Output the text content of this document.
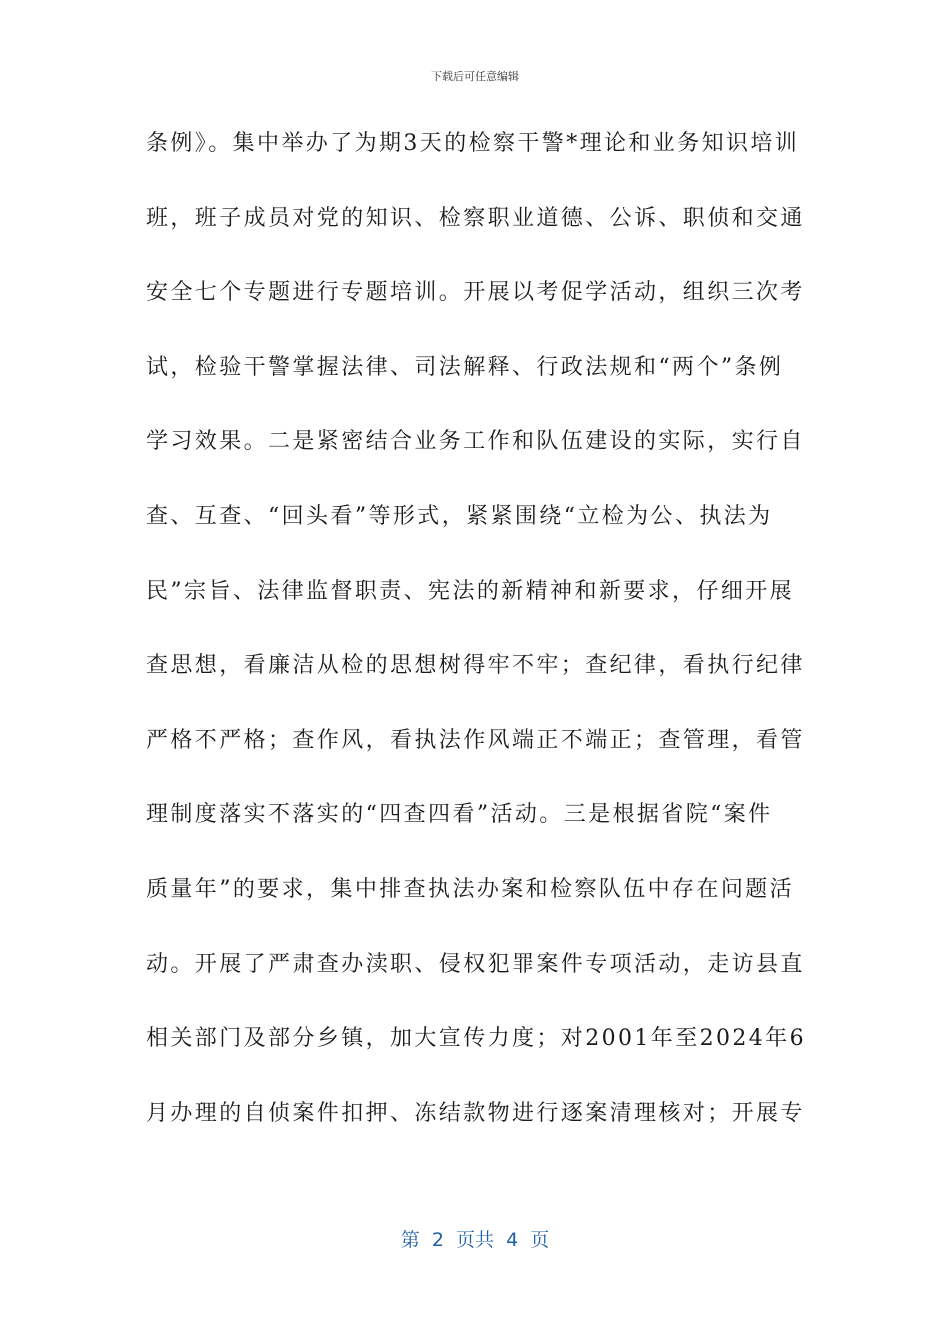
下载后可任意编辑
条例》。集中举办了为期3天的检察干警*理论和业务知识培训
班，班子成员对党的知识、检察职业道德、公诉、职侦和交通
安全七个专题进行专题培训。开展以考促学活动，组织三次考
试，检验干警掌握法律、司法解释、行政法规和“两个”条例
学习效果。二是紧密结合业务工作和队伍建设的实际，实行自
查、互查、“回头看”等形式，紧紧围绕“立检为公、执法为
民”宗旨、法律监督职责、宪法的新精神和新要求，仔细开展
查思想，看廉洁从检的思想树得牢不牢；查纪律，看执行纪律
严格不严格；查作风，看执法作风端正不端正；查管理，看管
理制度落实不落实的“四查四看”活动。三是根据省院“案件
质量年”的要求，集中排查执法办案和检察队伍中存在问题活
动。开展了严肃查办渎职、侵权犯罪案件专项活动，走访县直
相关部门及部分乡镇，加大宣传力度；对2001年至2024年6
月办理的自侦案件扣押、冻结款物进行逐案清理核对；开展专
第  2  页共  4  页
